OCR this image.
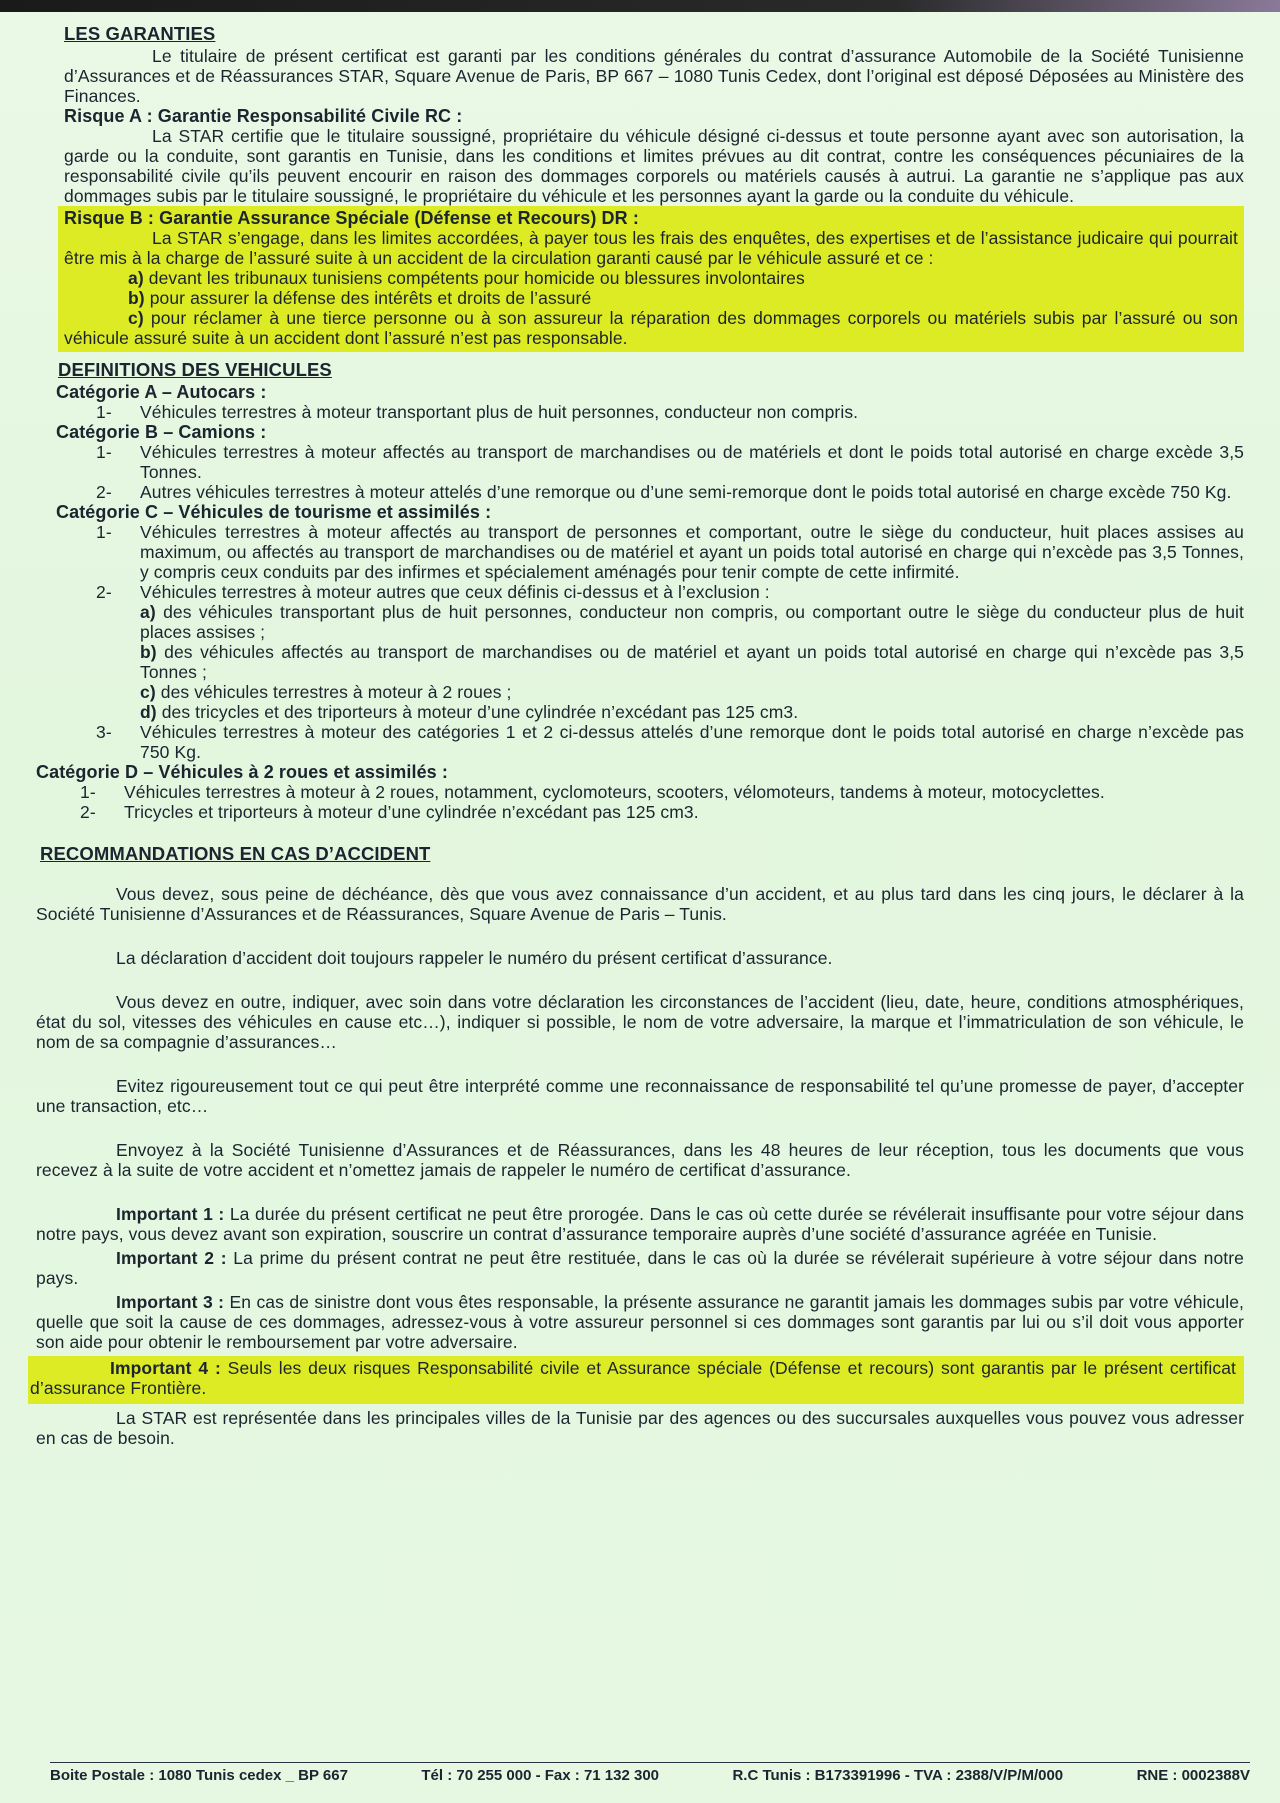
LES GARANTIES

Le titulaire de présent certificat est garanti par les conditions générales du contrat d’assurance Automobile de la Société Tunisienne d’Assurances et de Réassurances STAR, Square Avenue de Paris, BP 667 – 1080 Tunis Cedex, dont l’original est déposé Déposées au Ministère des Finances.

Risque A : Garantie Responsabilité Civile RC :

La STAR certifie que le titulaire soussigné, propriétaire du véhicule désigné ci-dessus et toute personne ayant avec son autorisation, la garde ou la conduite, sont garantis en Tunisie, dans les conditions et limites prévues au dit contrat, contre les conséquences pécuniaires de la responsabilité civile qu’ils peuvent encourir en raison des dommages corporels ou matériels causés à autrui. La garantie ne s’applique pas aux dommages subis par le titulaire soussigné, le propriétaire du véhicule et les personnes ayant la garde ou la conduite du véhicule.

Risque B : Garantie Assurance Spéciale (Défense et Recours) DR :

La STAR s’engage, dans les limites accordées, à payer tous les frais des enquêtes, des expertises et de l’assistance judicaire qui pourrait être mis à la charge de l’assuré suite à un accident de la circulation garanti causé par le véhicule assuré et ce :

a) devant les tribunaux tunisiens compétents pour homicide ou blessures involontaires

b) pour assurer la défense des intérêts et droits de l’assuré

c) pour réclamer à une tierce personne ou à son assureur la réparation des dommages corporels ou matériels subis par l’assuré ou son véhicule assuré suite à un accident dont l’assuré n’est pas responsable.

DEFINITIONS DES VEHICULES
Catégorie A – Autocars :
1-	Véhicules terrestres à moteur transportant plus de huit personnes, conducteur non compris.
Catégorie B – Camions :
1-	Véhicules terrestres à moteur affectés au transport de marchandises ou de matériels et dont le poids total autorisé en charge excède 3,5 Tonnes.
2-	Autres véhicules terrestres à moteur attelés d’une remorque ou d’une semi-remorque dont le poids total autorisé en charge excède 750 Kg.
Catégorie C – Véhicules de tourisme et assimilés :
1-	Véhicules terrestres à moteur affectés au transport de personnes et comportant, outre le siège du conducteur, huit places assises au maximum, ou affectés au transport de marchandises ou de matériel et ayant un poids total autorisé en charge qui n’excède pas 3,5 Tonnes, y compris ceux conduits par des infirmes et spécialement aménagés pour tenir compte de cette infirmité.
2-	Véhicules terrestres à moteur autres que ceux définis ci-dessus et à l’exclusion :

a) des véhicules transportant plus de huit personnes, conducteur non compris, ou comportant outre le siège du conducteur plus de huit places assises ;

b) des véhicules affectés au transport de marchandises ou de matériel et ayant un poids total autorisé en charge qui n’excède pas 3,5 Tonnes ;

c) des véhicules terrestres à moteur à 2 roues ;

d) des tricycles et des triporteurs à moteur d’une cylindrée n’excédant pas 125 cm3.

3-	Véhicules terrestres à moteur des catégories 1 et 2 ci-dessus attelés d’une remorque dont le poids total autorisé en charge n’excède pas 750 Kg.
Catégorie D – Véhicules à 2 roues et assimilés :
1-	Véhicules terrestres à moteur à 2 roues, notamment, cyclomoteurs, scooters, vélomoteurs, tandems à moteur, motocyclettes.
2-	Tricycles et triporteurs à moteur d’une cylindrée n’excédant pas 125 cm3.
RECOMMANDATIONS EN CAS D’ACCIDENT

Vous devez, sous peine de déchéance, dès que vous avez connaissance d’un accident, et au plus tard dans les cinq jours, le déclarer à la Société Tunisienne d’Assurances et de Réassurances, Square Avenue de Paris – Tunis.

La déclaration d’accident doit toujours rappeler le numéro du présent certificat d’assurance.

Vous devez en outre, indiquer, avec soin dans votre déclaration les circonstances de l’accident (lieu, date, heure, conditions atmosphériques, état du sol, vitesses des véhicules en cause etc…), indiquer si possible, le nom de votre adversaire, la marque et l’immatriculation de son véhicule, le nom de sa compagnie d’assurances…

Evitez rigoureusement tout ce qui peut être interprété comme une reconnaissance de responsabilité tel qu’une promesse de payer, d’accepter une transaction, etc…

Envoyez à la Société Tunisienne d’Assurances et de Réassurances, dans les 48 heures de leur réception, tous les documents que vous recevez à la suite de votre accident et n’omettez jamais de rappeler le numéro de certificat d’assurance.

Important 1 : La durée du présent certificat ne peut être prorogée. Dans le cas où cette durée se révélerait insuffisante pour votre séjour dans notre pays, vous devez avant son expiration, souscrire un contrat d’assurance temporaire auprès d’une société d’assurance agréée en Tunisie.

Important 2 : La prime du présent contrat ne peut être restituée, dans le cas où la durée se révélerait supérieure à votre séjour dans notre pays.

Important 3 : En cas de sinistre dont vous êtes responsable, la présente assurance ne garantit jamais les dommages subis par votre véhicule, quelle que soit la cause de ces dommages, adressez-vous à votre assureur personnel si ces dommages sont garantis par lui ou s’il doit vous apporter son aide pour obtenir le remboursement par votre adversaire.

Important 4 : Seuls les deux risques Responsabilité civile et Assurance spéciale (Défense et recours) sont garantis par le présent certificat d’assurance Frontière.

La STAR est représentée dans les principales villes de la Tunisie par des agences ou des succursales auxquelles vous pouvez vous adresser en cas de besoin.

Boite Postale : 1080 Tunis cedex _ BP 667	Tél : 70 255 000 - Fax : 71 132 300	R.C Tunis : B173391996 - TVA : 2388/V/P/M/000	RNE : 0002388V
